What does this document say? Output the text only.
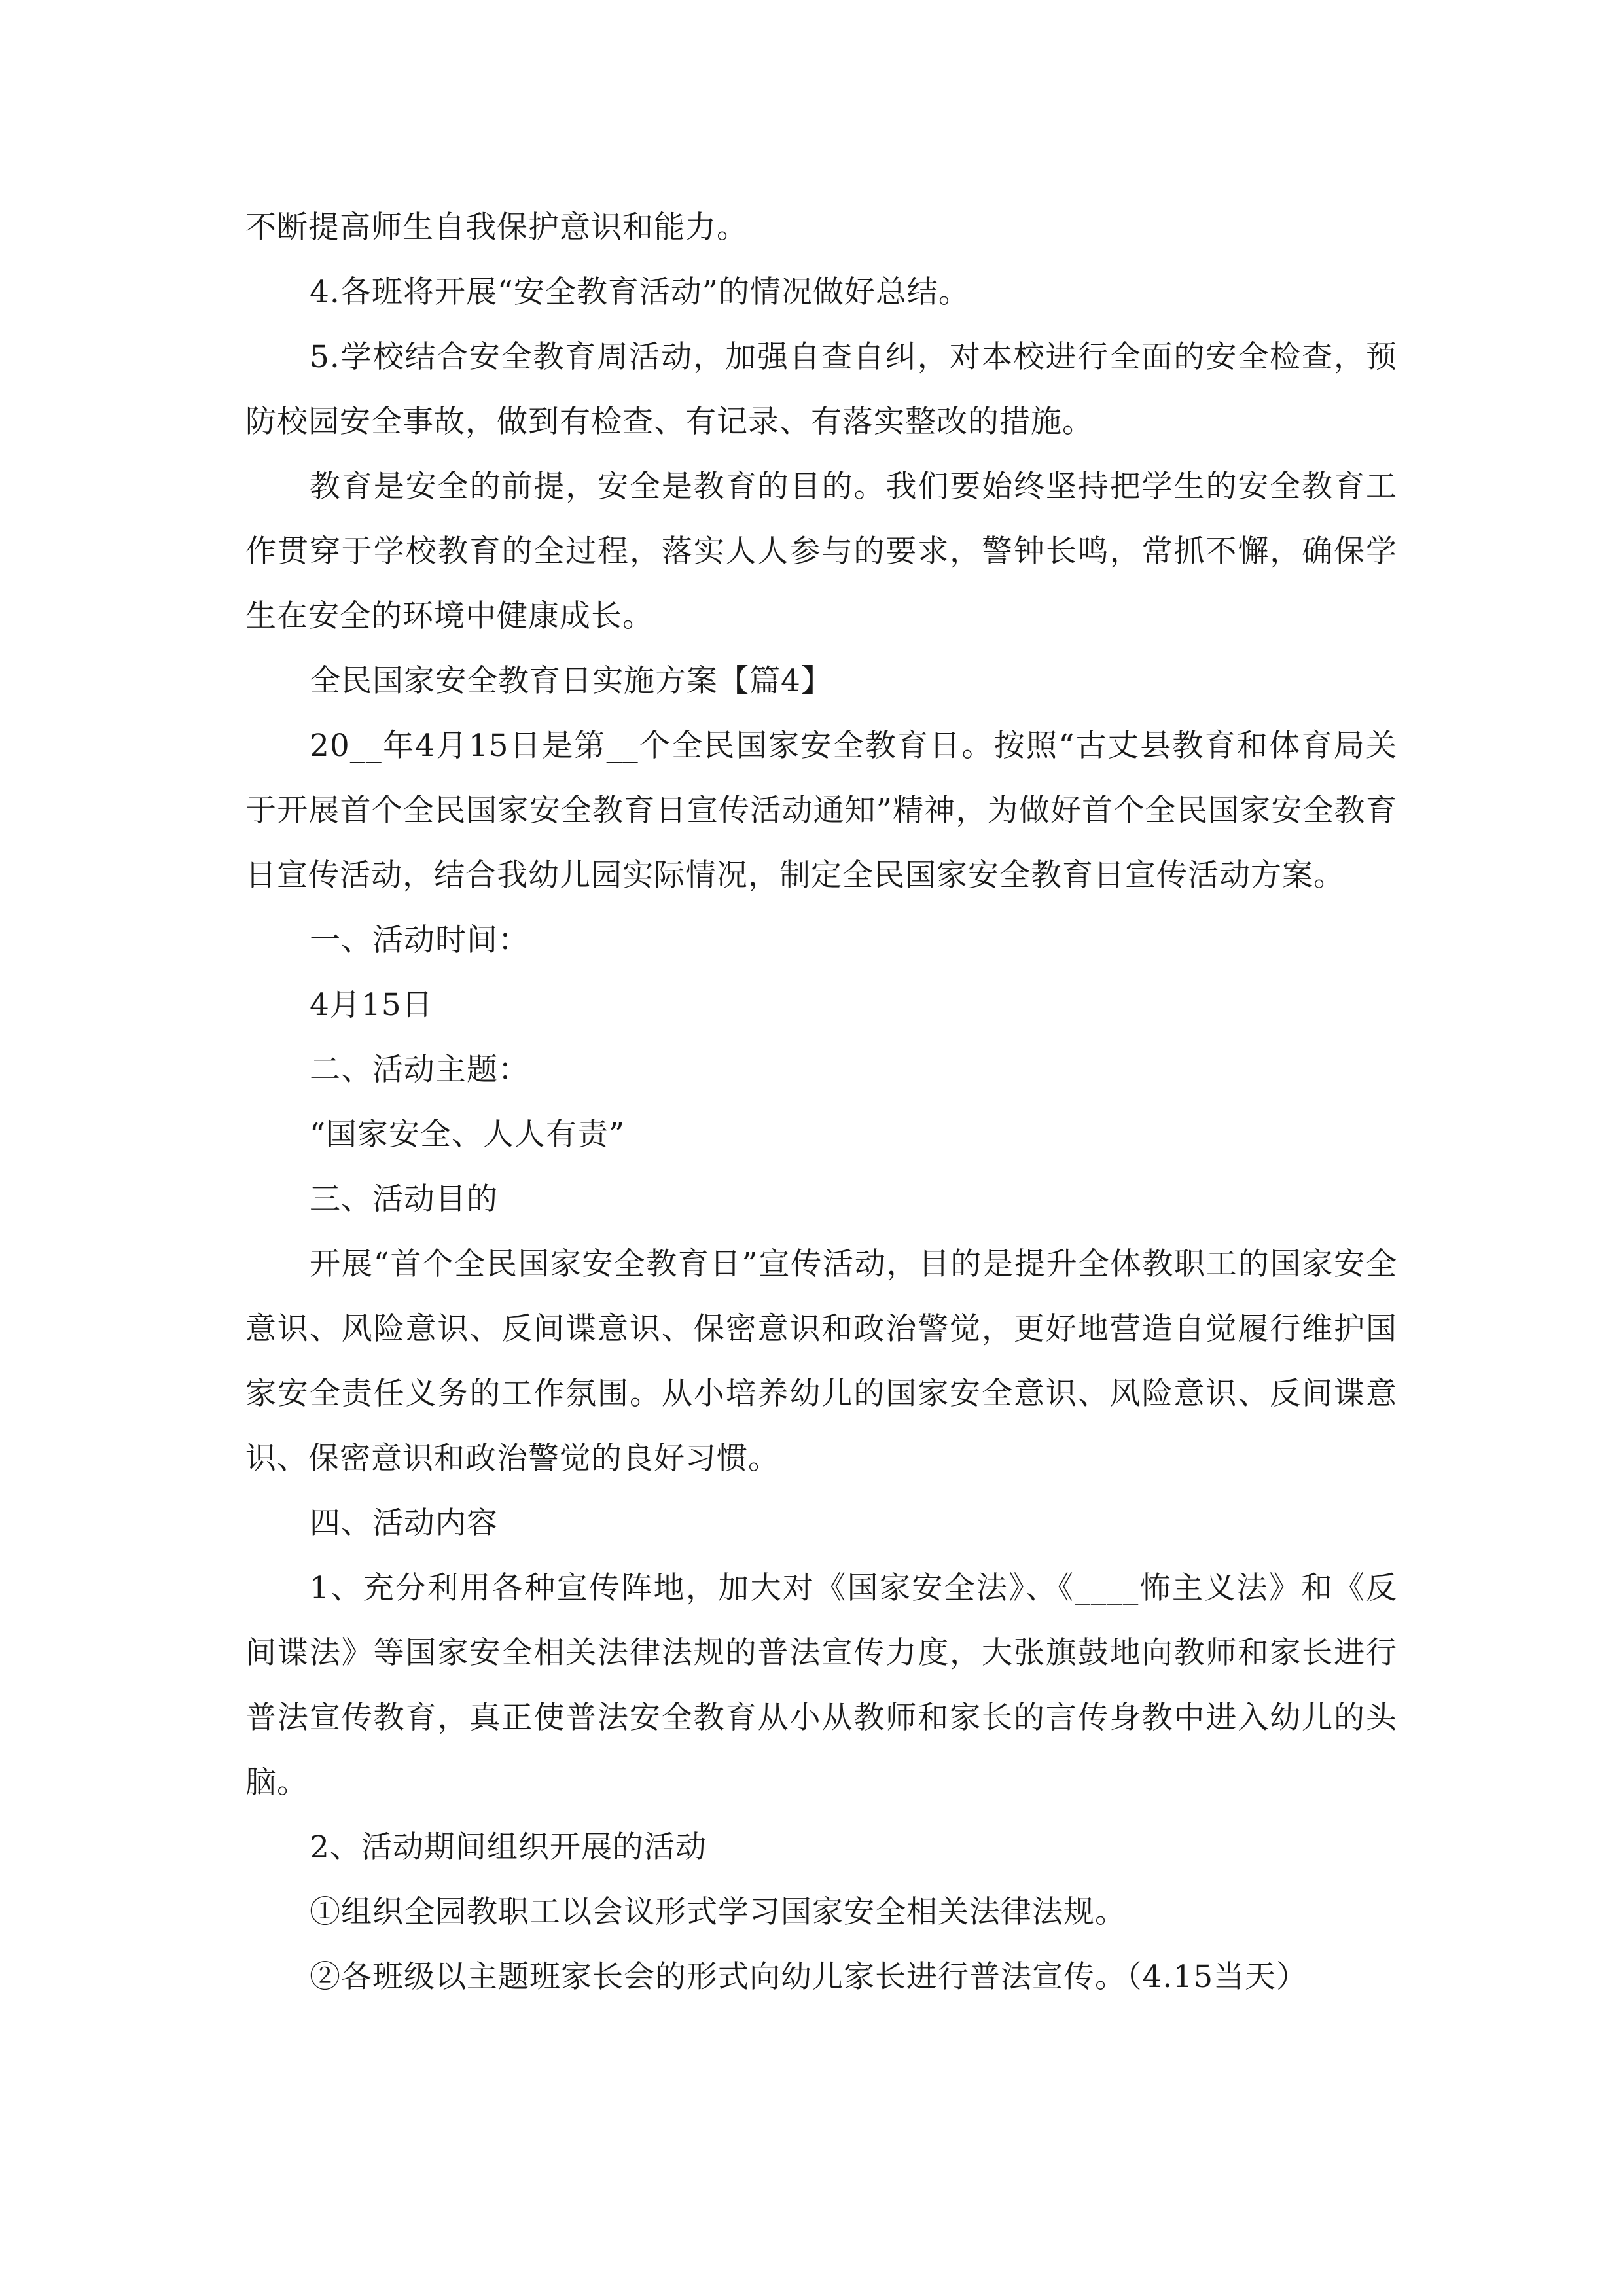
不断提高师生自我保护意识和能力。

4.各班将开展“安全教育活动”的情况做好总结。

5.学校结合安全教育周活动，加强自查自纠，对本校进行全面的安全检查，预防校园安全事故，做到有检查、有记录、有落实整改的措施。

教育是安全的前提，安全是教育的目的。我们要始终坚持把学生的安全教育工作贯穿于学校教育的全过程，落实人人参与的要求，警钟长鸣，常抓不懈，确保学生在安全的环境中健康成长。

全民国家安全教育日实施方案【篇4】

20__年4月15日是第__个全民国家安全教育日。按照“古丈县教育和体育局关于开展首个全民国家安全教育日宣传活动通知”精神，为做好首个全民国家安全教育日宣传活动，结合我幼儿园实际情况，制定全民国家安全教育日宣传活动方案。

一、活动时间：

4月15日

二、活动主题：

“国家安全、人人有责”

三、活动目的

开展“首个全民国家安全教育日”宣传活动，目的是提升全体教职工的国家安全意识、风险意识、反间谍意识、保密意识和政治警觉，更好地营造自觉履行维护国家安全责任义务的工作氛围。从小培养幼儿的国家安全意识、风险意识、反间谍意识、保密意识和政治警觉的良好习惯。

四、活动内容

1、充分利用各种宣传阵地，加大对《国家安全法》、《____怖主义法》和《反间谍法》等国家安全相关法律法规的普法宣传力度，大张旗鼓地向教师和家长进行普法宣传教育，真正使普法安全教育从小从教师和家长的言传身教中进入幼儿的头脑。

2、活动期间组织开展的活动

①组织全园教职工以会议形式学习国家安全相关法律法规。

②各班级以主题班家长会的形式向幼儿家长进行普法宣传。（4.15当天）
